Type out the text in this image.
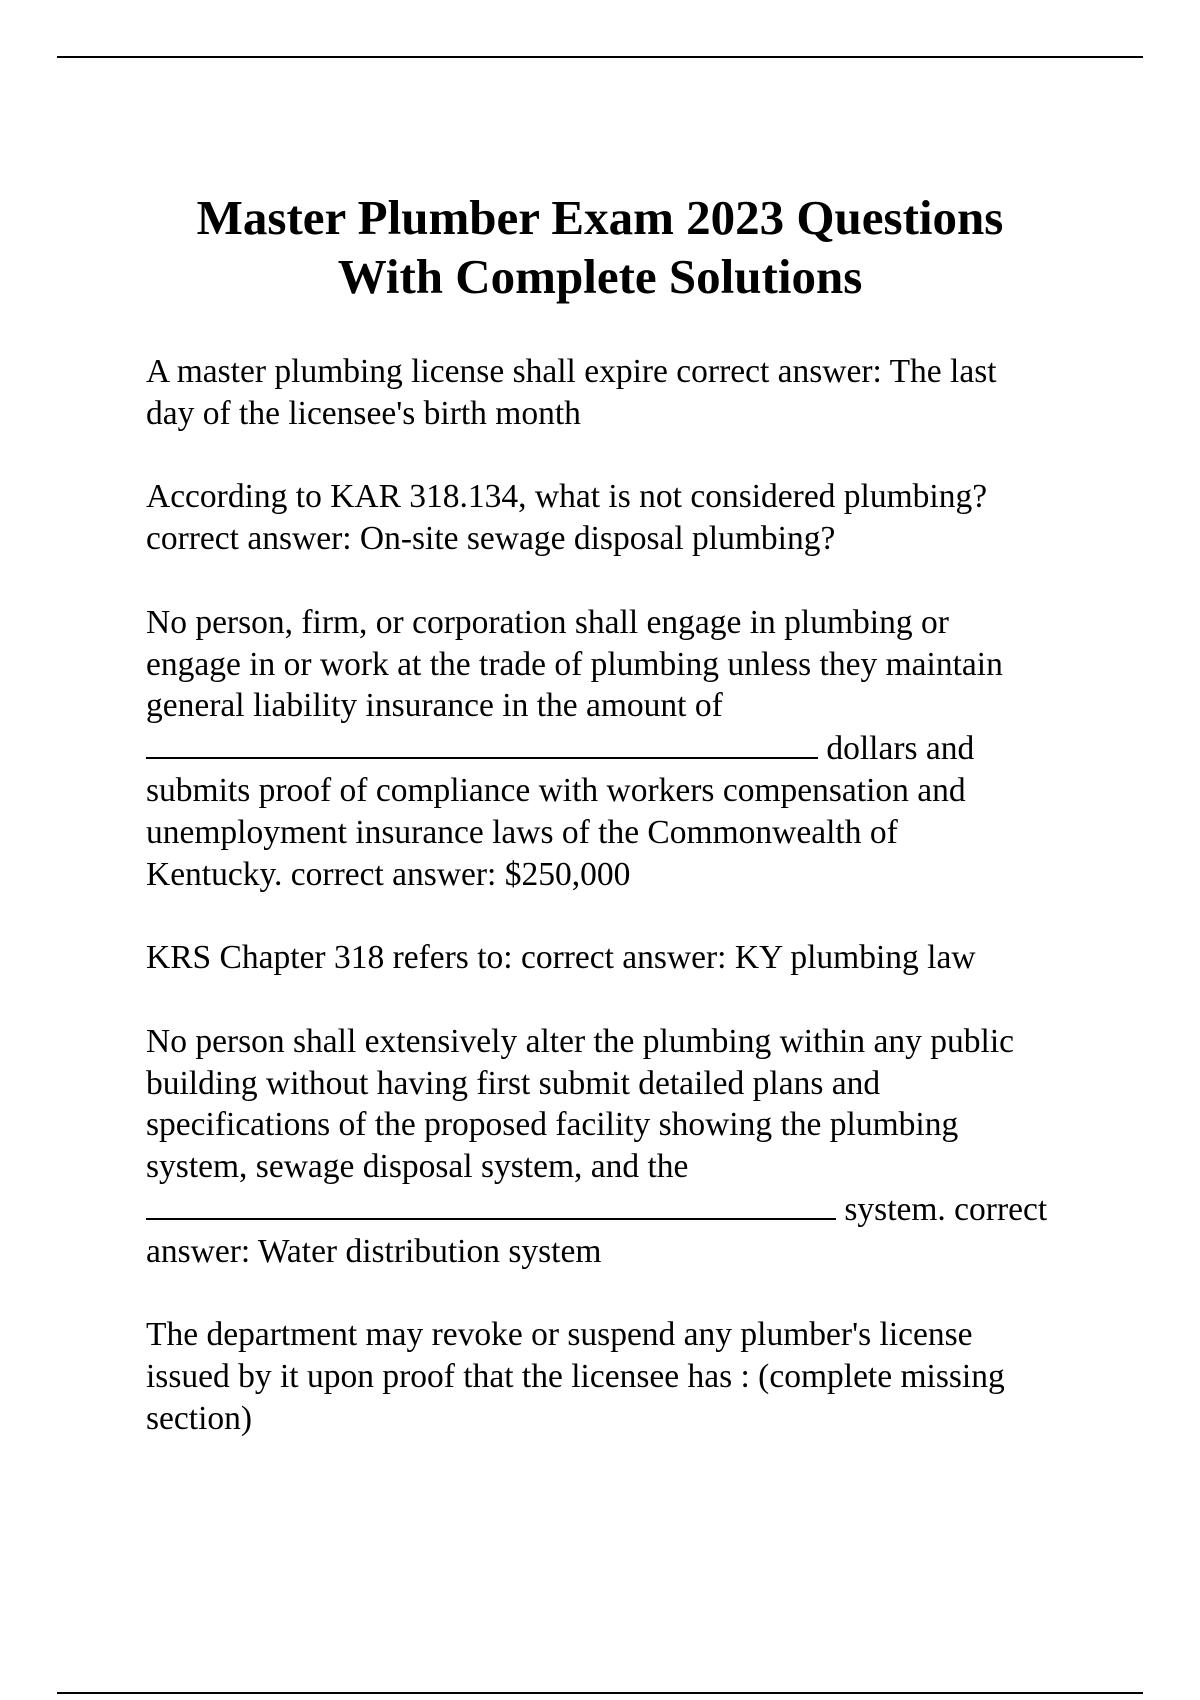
Master Plumber Exam 2023 Questions
With Complete Solutions

A master plumbing license shall expire correct answer: The last
day of the licensee's birth month

According to KAR 318.134, what is not considered plumbing?
correct answer: On-site sewage disposal plumbing?

No person, firm, or corporation shall engage in plumbing or
engage in or work at the trade of plumbing unless they maintain
general liability insurance in the amount of
dollars and
submits proof of compliance with workers compensation and
unemployment insurance laws of the Commonwealth of
Kentucky. correct answer: $250,000

KRS Chapter 318 refers to: correct answer: KY plumbing law

No person shall extensively alter the plumbing within any public
building without having first submit detailed plans and
specifications of the proposed facility showing the plumbing
system, sewage disposal system, and the
system. correct
answer: Water distribution system

The department may revoke or suspend any plumber's license
issued by it upon proof that the licensee has : (complete missing
section)
